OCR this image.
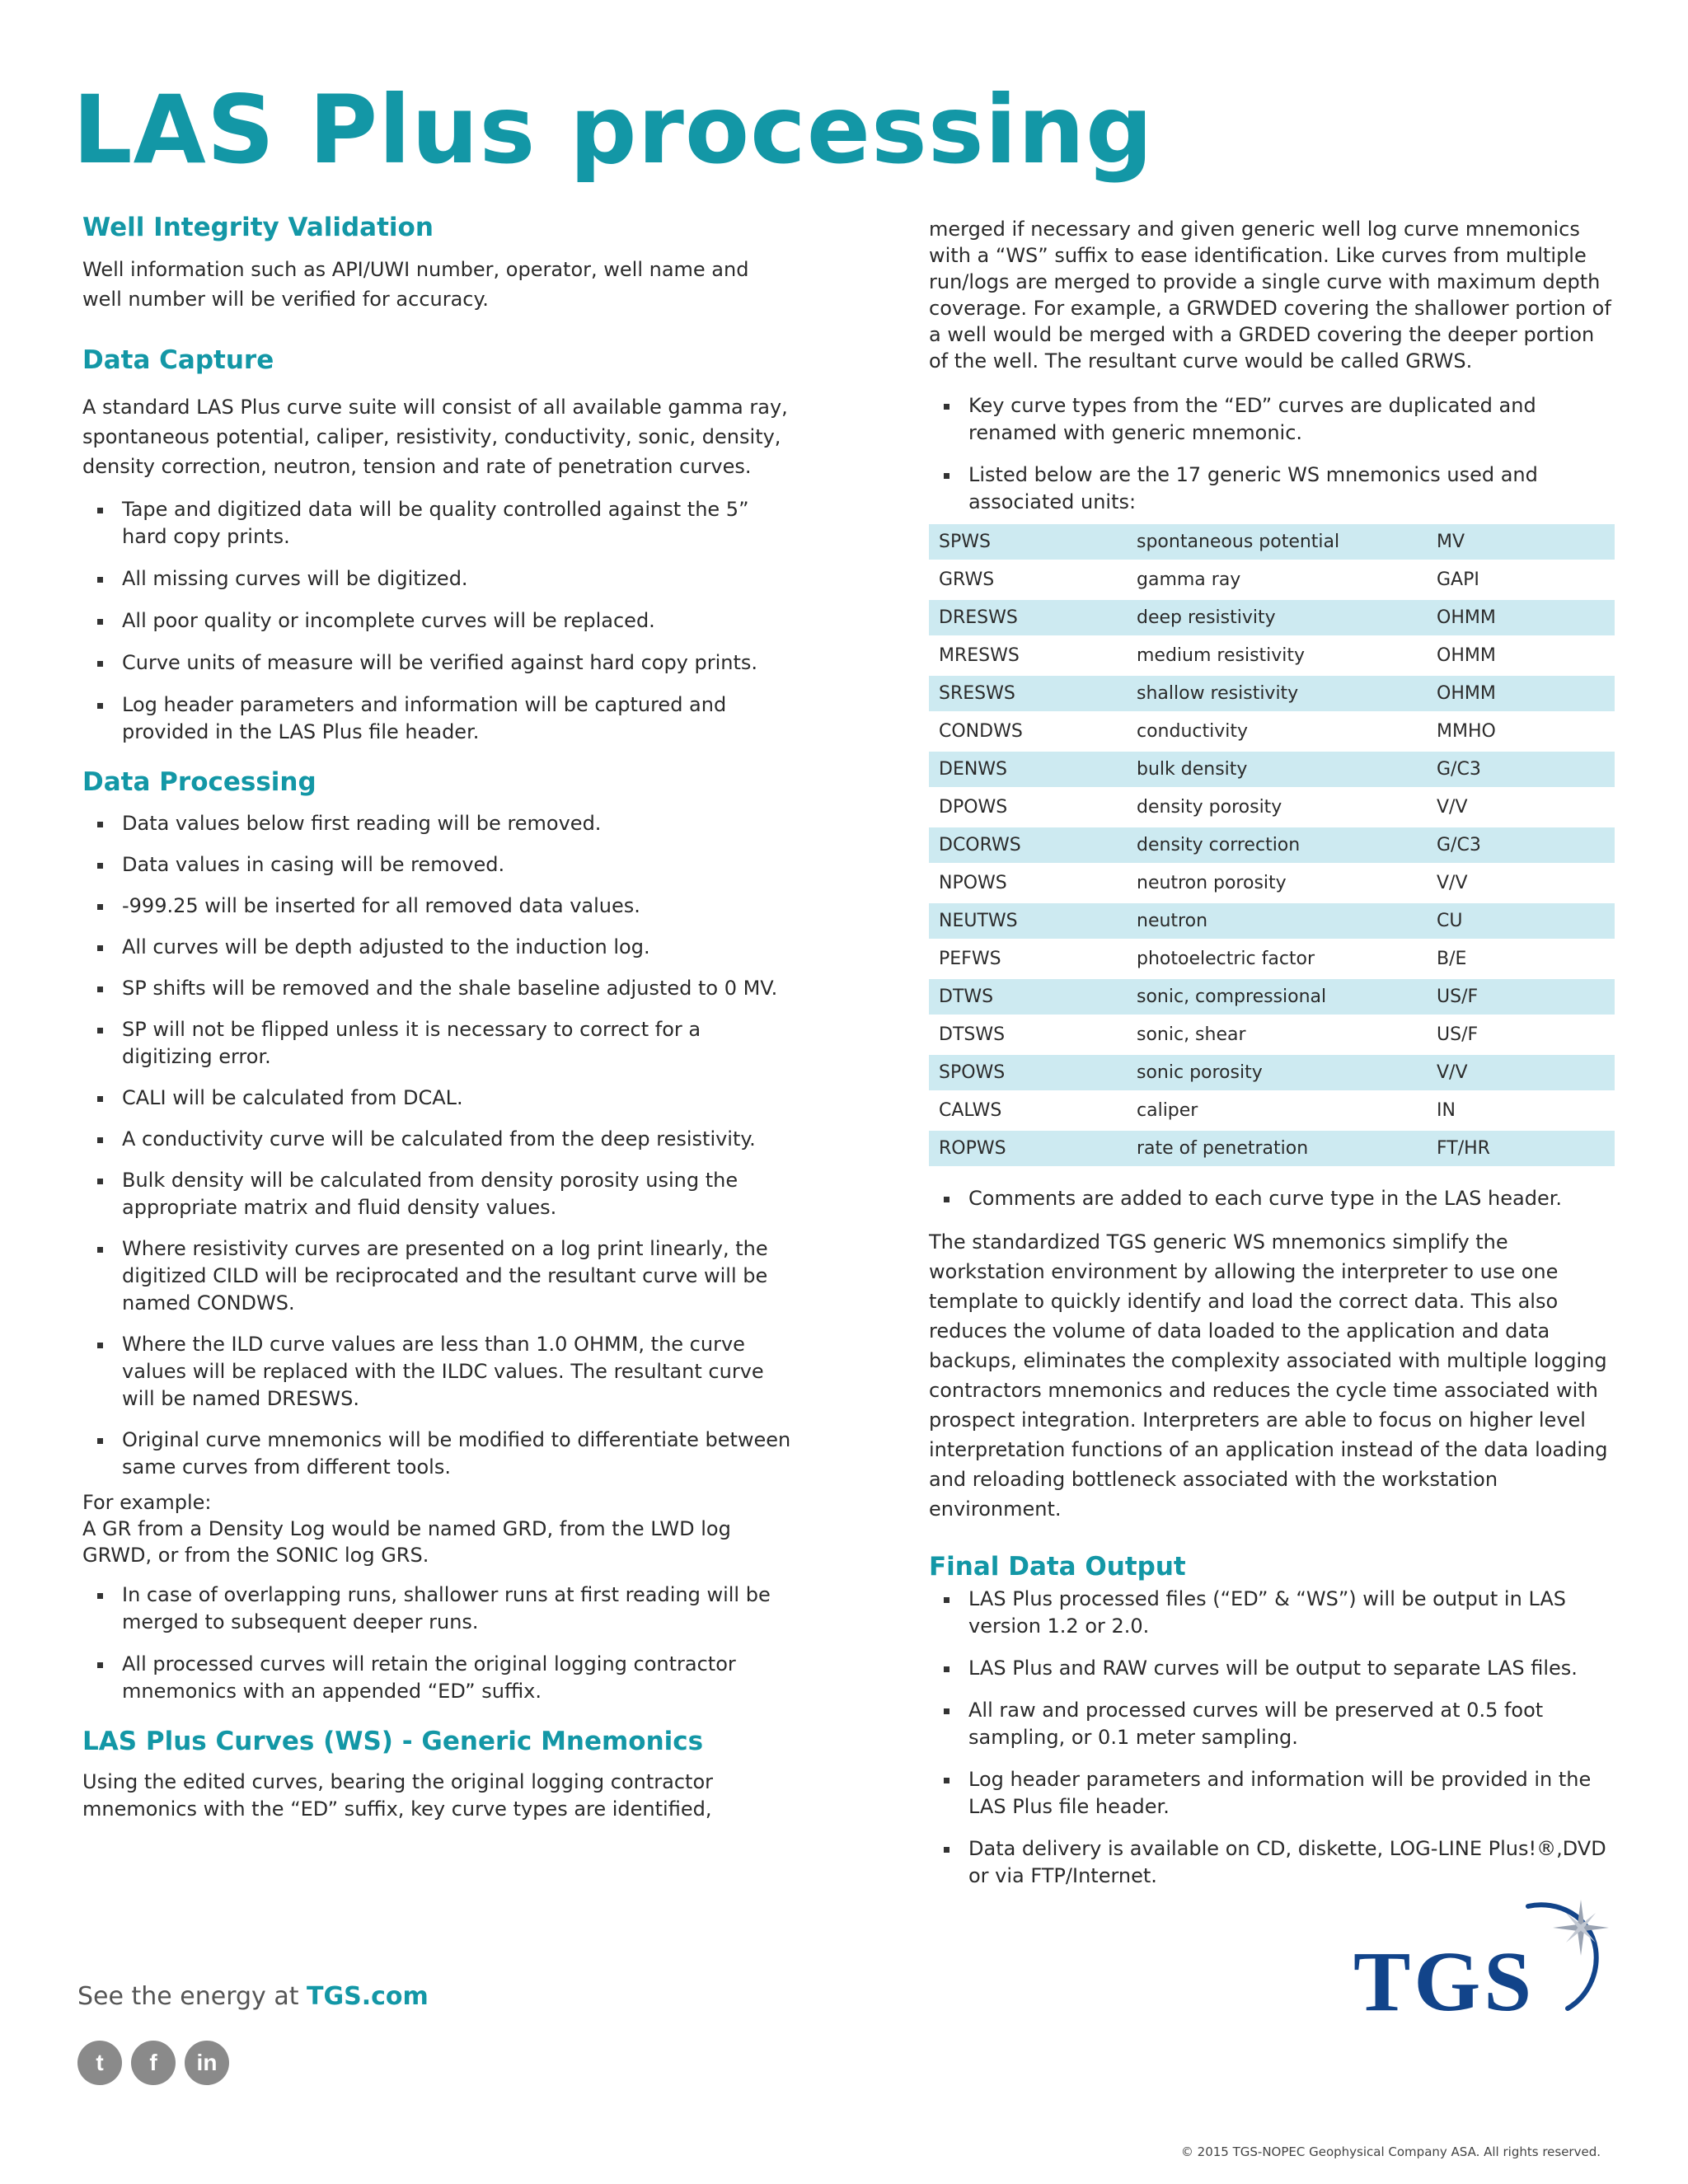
LAS Plus processing
Well Integrity Validation

Well information such as API/UWI number, operator, well name and well number will be verified for accuracy.

Data Capture

A standard LAS Plus curve suite will consist of all available gamma ray, spontaneous potential, caliper, resistivity, conductivity, sonic, density, density correction, neutron, tension and rate of penetration curves.

Tape and digitized data will be quality controlled against the 5” hard copy prints.
All missing curves will be digitized.
All poor quality or incomplete curves will be replaced.
Curve units of measure will be verified against hard copy prints.
Log header parameters and information will be captured and provided in the LAS Plus file header.
Data Processing
Data values below first reading will be removed.
Data values in casing will be removed.
-999.25 will be inserted for all removed data values.
All curves will be depth adjusted to the induction log.
SP shifts will be removed and the shale baseline adjusted to 0 MV.
SP will not be flipped unless it is necessary to correct for a digitizing error.
CALI will be calculated from DCAL.
A conductivity curve will be calculated from the deep resistivity.
Bulk density will be calculated from density porosity using the appropriate matrix and fluid density values.
Where resistivity curves are presented on a log print linearly, the digitized CILD will be reciprocated and the resultant curve will be named CONDWS.
Where the ILD curve values are less than 1.0 OHMM, the curve values will be replaced with the ILDC values. The resultant curve will be named DRESWS.
Original curve mnemonics will be modified to differentiate between same curves from different tools.

For example:

A GR from a Density Log would be named GRD, from the LWD log GRWD, or from the SONIC log GRS.

In case of overlapping runs, shallower runs at first reading will be merged to subsequent deeper runs.
All processed curves will retain the original logging contractor mnemonics with an appended “ED” suffix.
LAS Plus Curves (WS) - Generic Mnemonics

Using the edited curves, bearing the original logging contractor mnemonics with the “ED” suffix, key curve types are identified,

merged if necessary and given generic well log curve mnemonics with a “WS” suffix to ease identification. Like curves from multiple run/logs are merged to provide a single curve with maximum depth coverage. For example, a GRWDED covering the shallower portion of a well would be merged with a GRDED covering the deeper portion of the well. The resultant curve would be called GRWS.

Key curve types from the “ED” curves are duplicated and renamed with generic mnemonic.
Listed below are the 17 generic WS mnemonics used and associated units:
SPWS	spontaneous potential	MV
GRWS	gamma ray	GAPI
DRESWS	deep resistivity	OHMM
MRESWS	medium resistivity	OHMM
SRESWS	shallow resistivity	OHMM
CONDWS	conductivity	MMHO
DENWS	bulk density	G/C3
DPOWS	density porosity	V/V
DCORWS	density correction	G/C3
NPOWS	neutron porosity	V/V
NEUTWS	neutron	CU
PEFWS	photoelectric factor	B/E
DTWS	sonic, compressional	US/F
DTSWS	sonic, shear	US/F
SPOWS	sonic porosity	V/V
CALWS	caliper	IN
ROPWS	rate of penetration	FT/HR
Comments are added to each curve type in the LAS header.

The standardized TGS generic WS mnemonics simplify the workstation environment by allowing the interpreter to use one template to quickly identify and load the correct data. This also reduces the volume of data loaded to the application and data backups, eliminates the complexity associated with multiple logging contractors mnemonics and reduces the cycle time associated with prospect integration. Interpreters are able to focus on higher level interpretation functions of an application instead of the data loading and reloading bottleneck associated with the workstation environment.

Final Data Output
LAS Plus processed files (“ED” & “WS”) will be output in LAS version 1.2 or 2.0.
LAS Plus and RAW curves will be output to separate LAS files.
All raw and processed curves will be preserved at 0.5 foot sampling, or 0.1 meter sampling.
Log header parameters and information will be provided in the LAS Plus file header.
Data delivery is available on CD, diskette, LOG-LINE Plus!®,DVD or via FTP/Internet.
See the energy at TGS.com
t	f	in
TGS
© 2015 TGS-NOPEC Geophysical Company ASA. All rights reserved.
